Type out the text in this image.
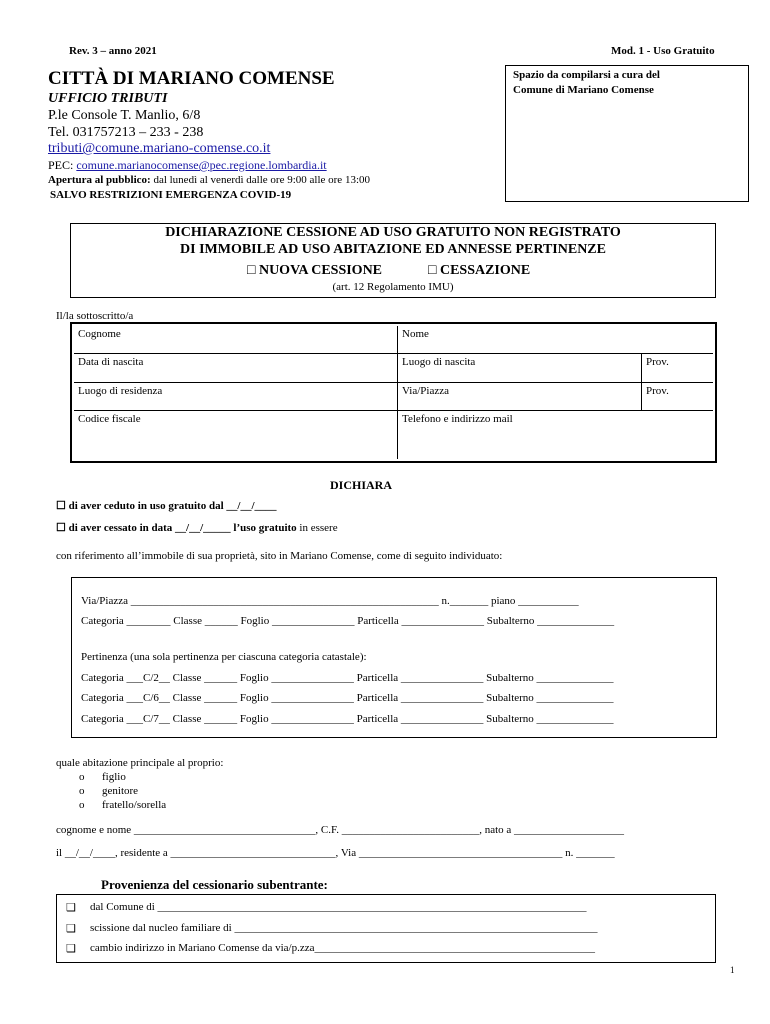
Rev. 3 – anno 2021	Mod. 1 - Uso Gratuito
CITTÀ DI MARIANO COMENSE
UFFICIO TRIBUTI
P.le Console T. Manlio, 6/8
Tel. 031757213 – 233 - 238
tributi@comune.mariano-comense.co.it
PEC: comune.marianocomense@pec.regione.lombardia.it
Apertura al pubblico: dal lunedì al venerdì dalle ore 9:00 alle ore 13:00
SALVO RESTRIZIONI EMERGENZA COVID-19
Spazio da compilarsi a cura del
Comune di Mariano Comense
DICHIARAZIONE CESSIONE AD USO GRATUITO NON REGISTRATO
DI IMMOBILE AD USO ABITAZIONE ED ANNESSE PERTINENZE
□ NUOVA CESSIONE	□ CESSAZIONE
(art. 12 Regolamento IMU)
Il/la sottoscritto/a
Cognome	Nome
Data di nascita	Luogo di nascita	Prov.
Luogo di residenza	Via/Piazza	Prov.
Codice fiscale	Telefono e indirizzo mail
DICHIARA
☐ di aver ceduto in uso gratuito dal __/__/____
☐ di aver cessato in data __/__/_____ l’uso gratuito in essere
con riferimento all’immobile di sua proprietà, sito in Mariano Comense, come di seguito individuato:
Via/Piazza ________________________________________________________ n._______ piano ___________
Categoria ________ Classe ______ Foglio _______________ Particella _______________ Subalterno ______________
Pertinenza (una sola pertinenza per ciascuna categoria catastale):
Categoria ___C/2__ Classe ______ Foglio _______________ Particella _______________ Subalterno ______________
Categoria ___C/6__ Classe ______ Foglio _______________ Particella _______________ Subalterno ______________
Categoria ___C/7__ Classe ______ Foglio _______________ Particella _______________ Subalterno ______________
quale abitazione principale al proprio:
o figlio
o genitore
o fratello/sorella
cognome e nome _________________________________, C.F. _________________________, nato a ____________________
il __/__/____, residente a ______________________________, Via _____________________________________ n. _______
Provenienza del cessionario subentrante:
❑ dal Comune di ______________________________________________________________________________
❑ scissione dal nucleo familiare di __________________________________________________________________
❑ cambio indirizzo in Mariano Comense da via/p.zza___________________________________________________
1
